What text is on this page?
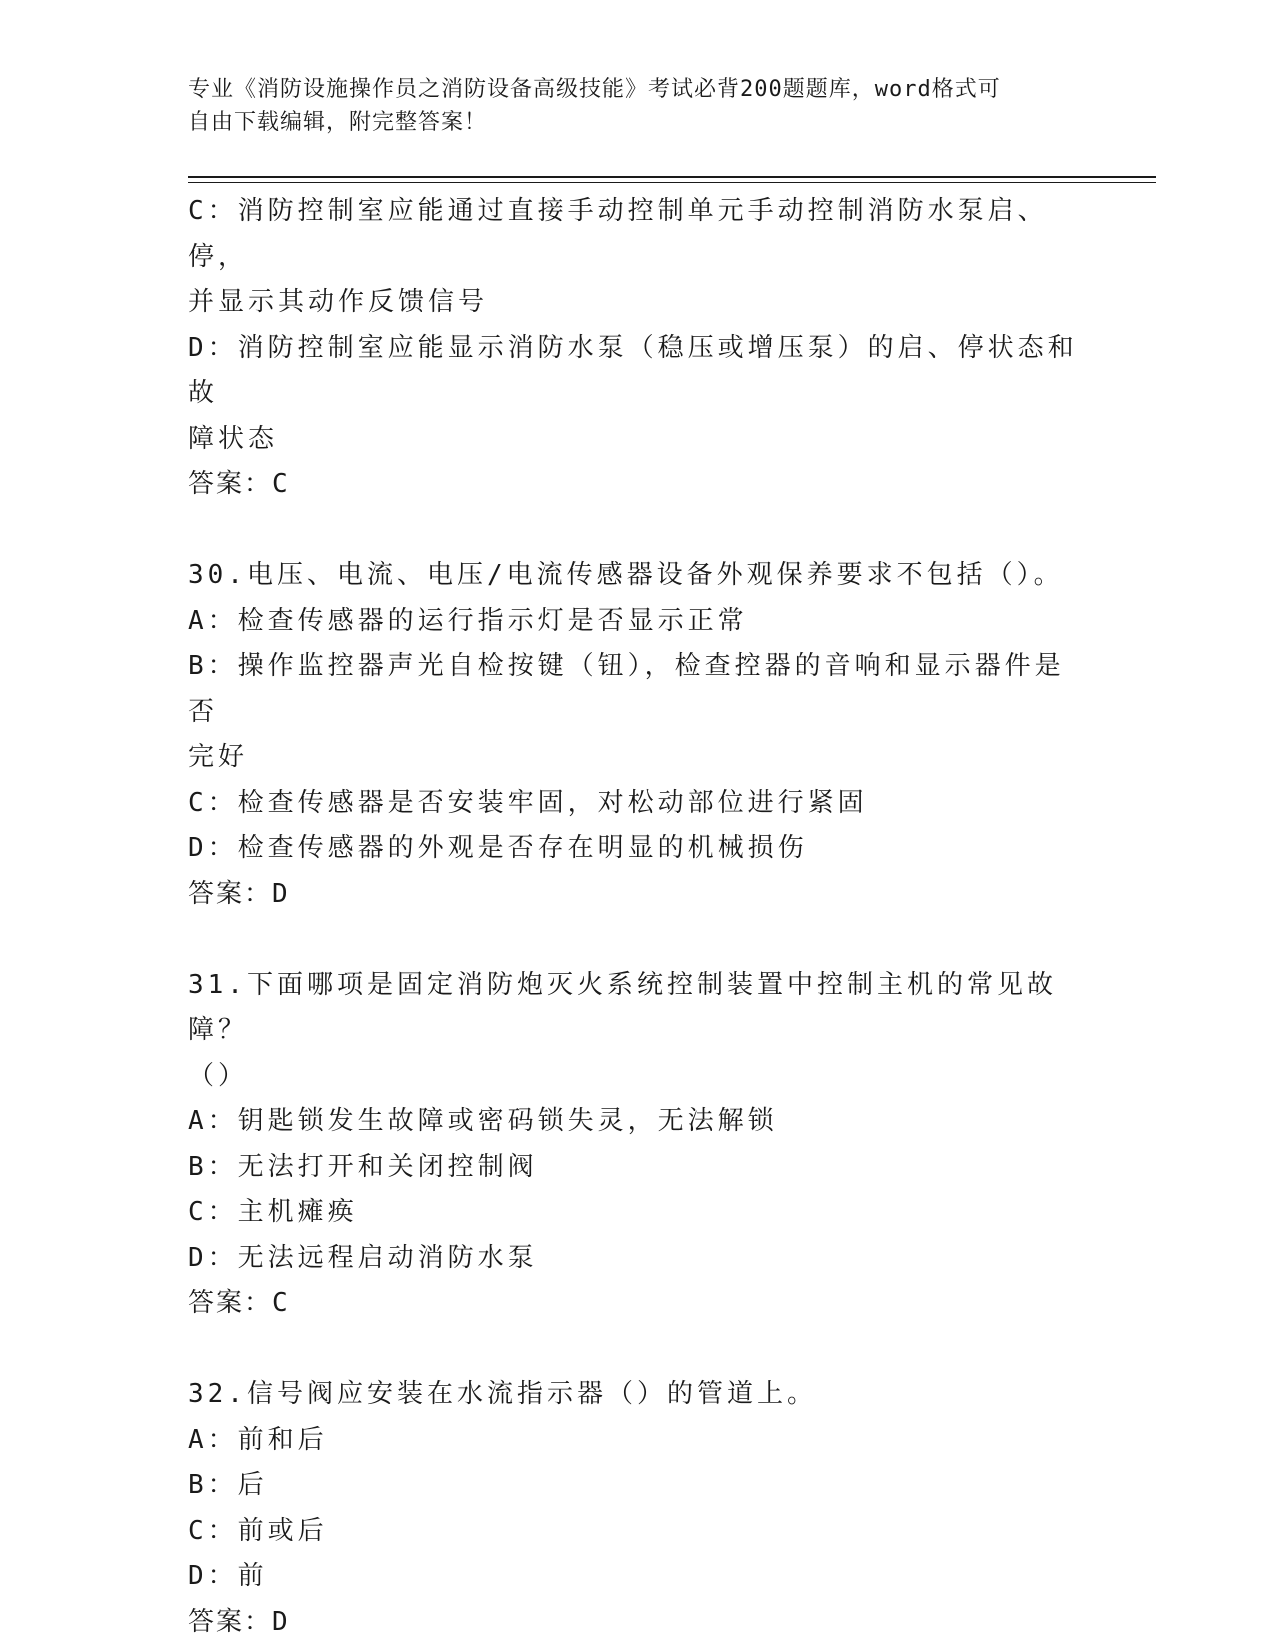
专业《消防设施操作员之消防设备高级技能》考试必背200题题库，word格式可
自由下载编辑，附完整答案！
C：消防控制室应能通过直接手动控制单元手动控制消防水泵启、停，
并显示其动作反馈信号
D：消防控制室应能显示消防水泵（稳压或增压泵）的启、停状态和故
障状态
答案：C
30.电压、电流、电压/电流传感器设备外观保养要求不包括（）。
A：检查传感器的运行指示灯是否显示正常
B：操作监控器声光自检按键（钮），检查控器的音响和显示器件是否
完好
C：检查传感器是否安装牢固，对松动部位进行紧固
D：检查传感器的外观是否存在明显的机械损伤
答案：D
31.下面哪项是固定消防炮灭火系统控制装置中控制主机的常见故障？
（）
A：钥匙锁发生故障或密码锁失灵，无法解锁
B：无法打开和关闭控制阀
C：主机瘫痪
D：无法远程启动消防水泵
答案：C
32.信号阀应安装在水流指示器（）的管道上。
A：前和后
B：后
C：前或后
D：前
答案：D
